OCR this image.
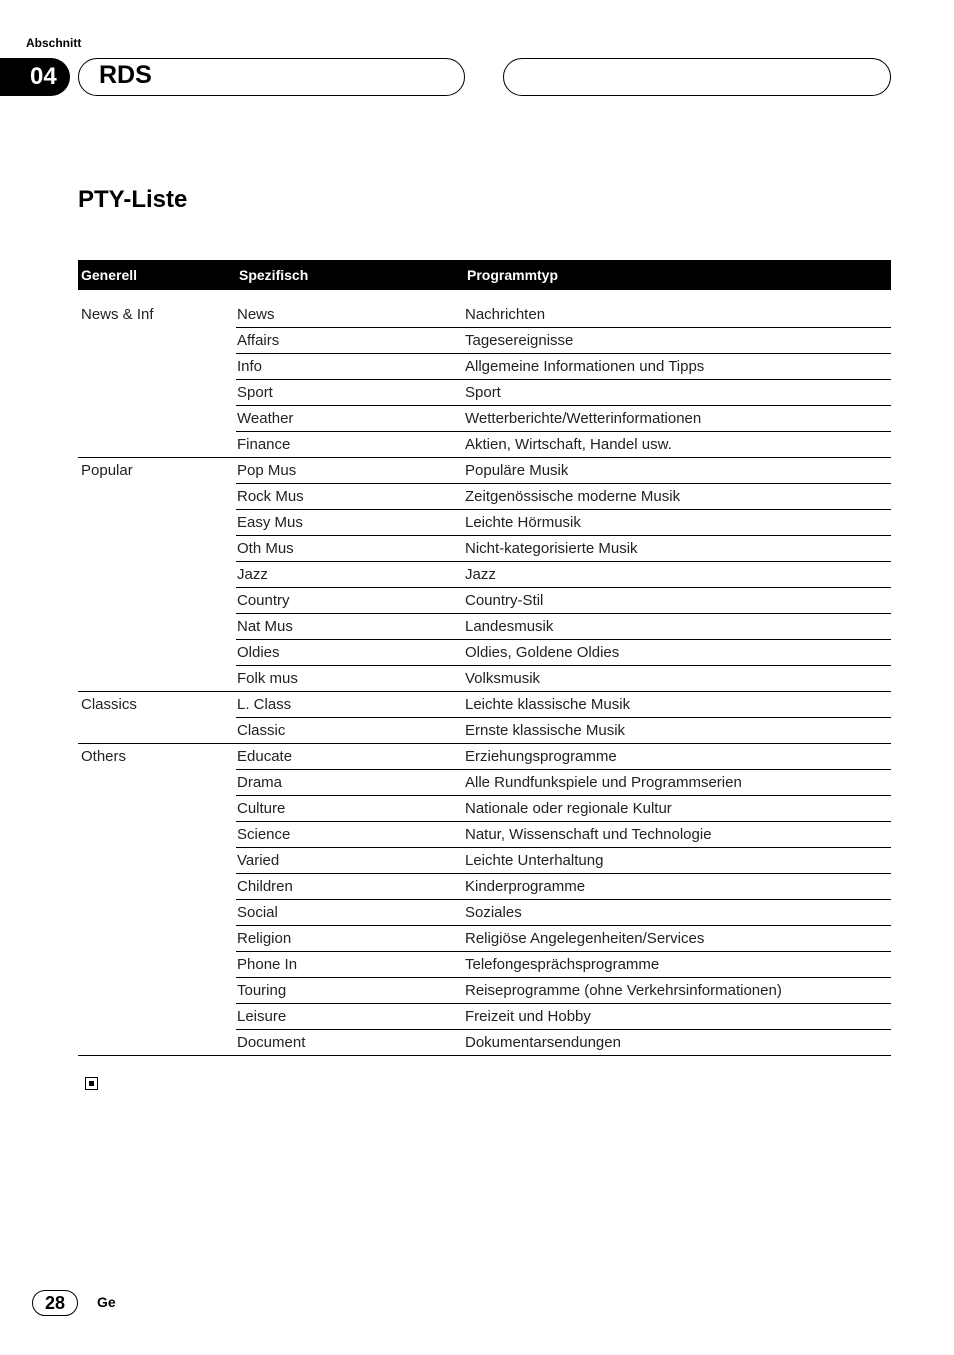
Abschnitt
04	RDS
PTY-Liste
Generell	Spezifisch	Programmtyp

News & Inf	News	Nachrichten
	Affairs	Tagesereignisse
	Info	Allgemeine Informationen und Tipps
	Sport	Sport
	Weather	Wetterberichte/Wetterinformationen
	Finance	Aktien, Wirtschaft, Handel usw.
Popular	Pop Mus	Populäre Musik
	Rock Mus	Zeitgenössische moderne Musik
	Easy Mus	Leichte Hörmusik
	Oth Mus	Nicht-kategorisierte Musik
	Jazz	Jazz
	Country	Country-Stil
	Nat Mus	Landesmusik
	Oldies	Oldies, Goldene Oldies
	Folk mus	Volksmusik
Classics	L. Class	Leichte klassische Musik
	Classic	Ernste klassische Musik
Others	Educate	Erziehungsprogramme
	Drama	Alle Rundfunkspiele und Programmserien
	Culture	Nationale oder regionale Kultur
	Science	Natur, Wissenschaft und Technologie
	Varied	Leichte Unterhaltung
	Children	Kinderprogramme
	Social	Soziales
	Religion	Religiöse Angelegenheiten/Services
	Phone In	Telefongesprächsprogramme
	Touring	Reiseprogramme (ohne Verkehrsinformationen)
	Leisure	Freizeit und Hobby
	Document	Dokumentarsendungen
28	Ge
